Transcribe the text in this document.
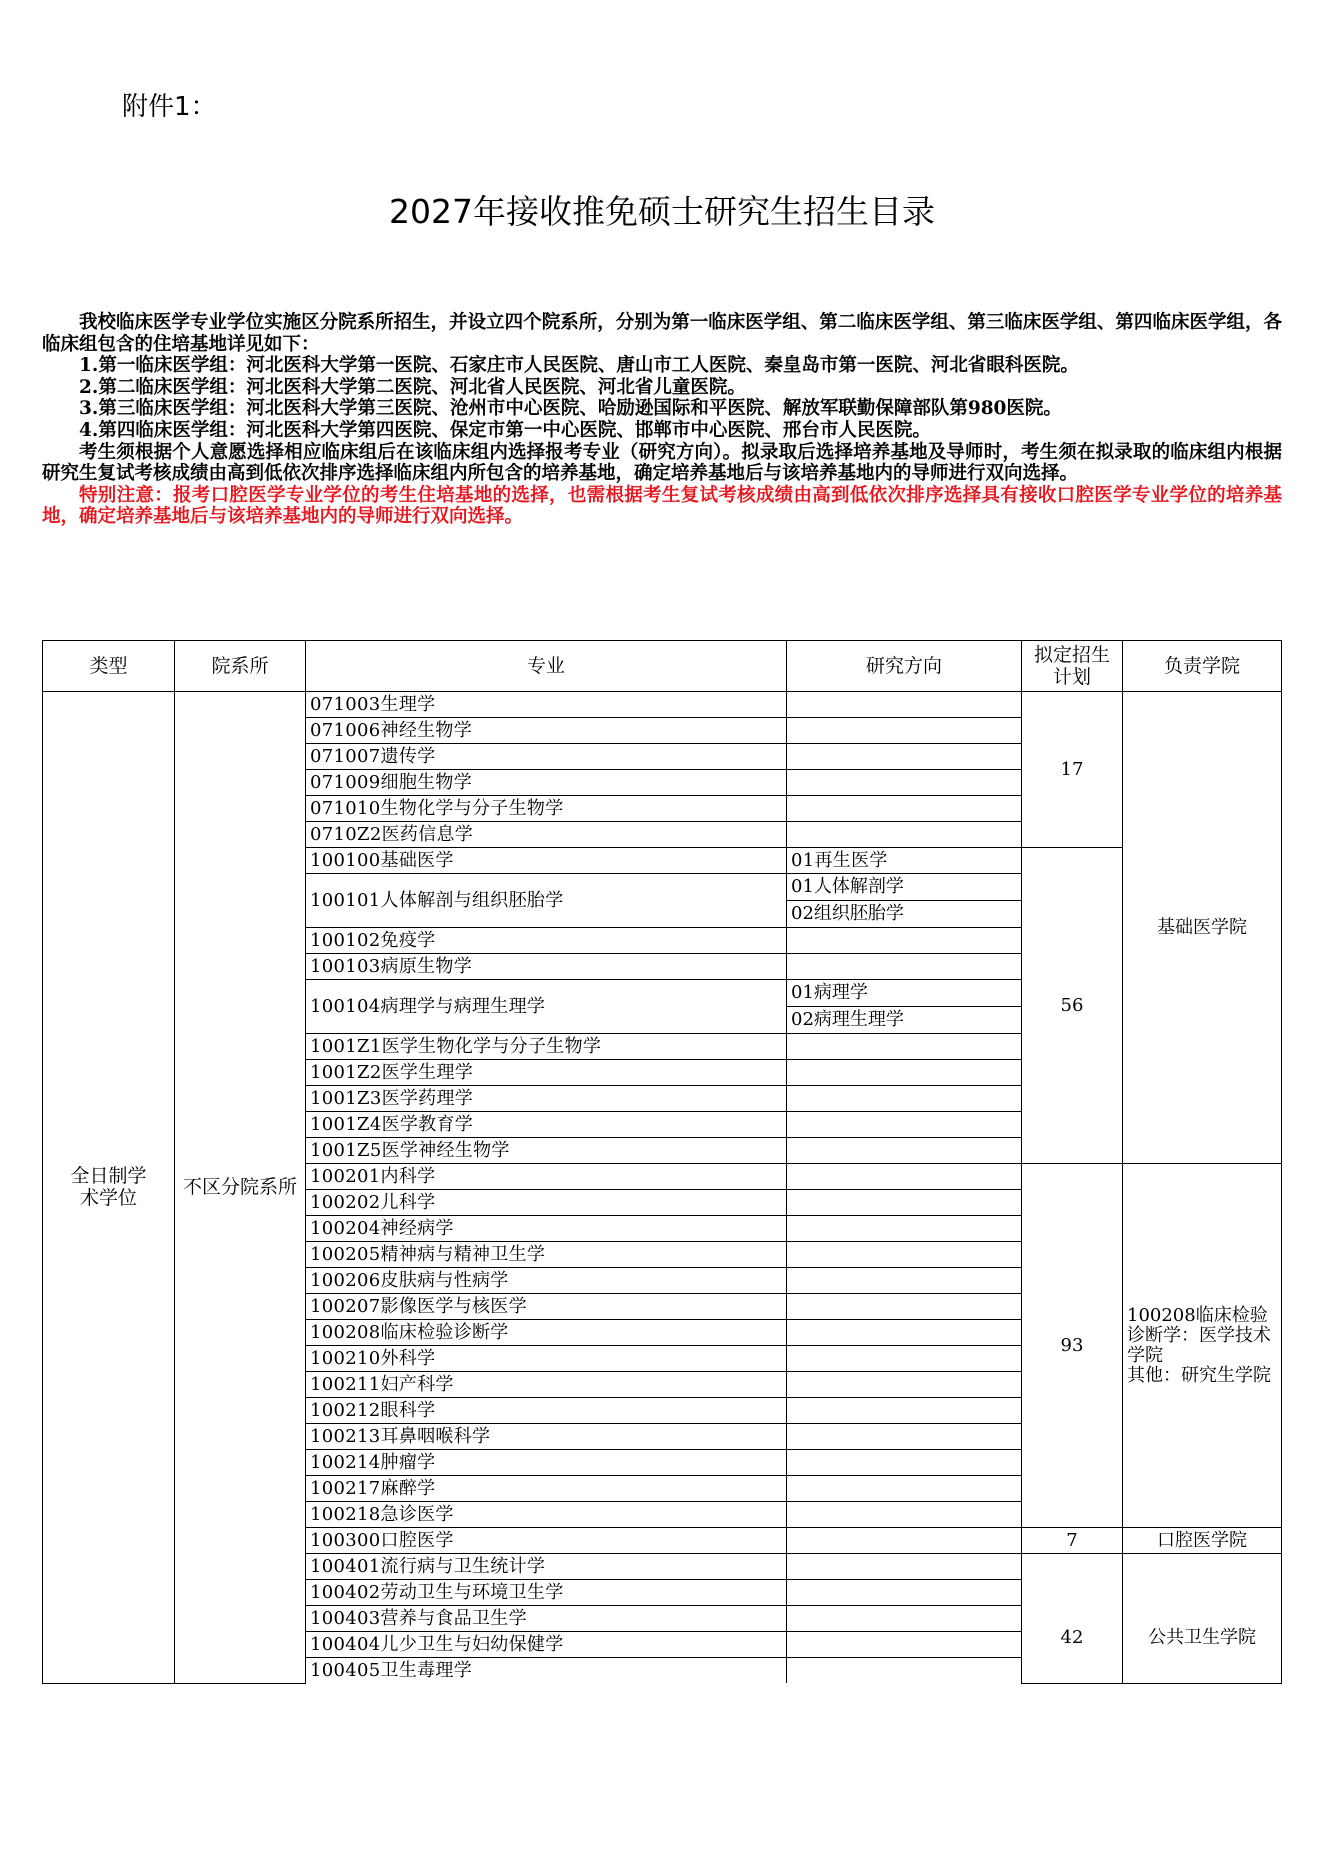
附件1：
2027年接收推免硕士研究生招生目录

我校临床医学专业学位实施区分院系所招生，并设立四个院系所，分别为第一临床医学组、第二临床医学组、第三临床医学组、第四临床医学组，各临床组包含的住培基地详见如下：

1.第一临床医学组：河北医科大学第一医院、石家庄市人民医院、唐山市工人医院、秦皇岛市第一医院、河北省眼科医院。

2.第二临床医学组：河北医科大学第二医院、河北省人民医院、河北省儿童医院。

3.第三临床医学组：河北医科大学第三医院、沧州市中心医院、哈励逊国际和平医院、解放军联勤保障部队第980医院。

4.第四临床医学组：河北医科大学第四医院、保定市第一中心医院、邯郸市中心医院、邢台市人民医院。

考生须根据个人意愿选择相应临床组后在该临床组内选择报考专业（研究方向）。拟录取后选择培养基地及导师时，考生须在拟录取的临床组内根据研究生复试考核成绩由高到低依次排序选择临床组内所包含的培养基地，确定培养基地后与该培养基地内的导师进行双向选择。

特别注意：报考口腔医学专业学位的考生住培基地的选择，也需根据考生复试考核成绩由高到低依次排序选择具有接收口腔医学专业学位的培养基地，确定培养基地后与该培养基地内的导师进行双向选择。

类型	院系所	专业	研究方向	拟定招生计划	负责学院
全日制学术学位	不区分院系所	071003生理学		17	基础医学院
		071006神经生物学			
		071007遗传学			
		071009细胞生物学			
		071010生物化学与分子生物学			
		0710Z2医药信息学			
		100100基础医学	01再生医学	56	
		100101人体解剖与组织胚胎学	01人体解剖学
02组织胚胎学		

		100102免疫学			
		100103病原生物学			
		100104病理学与病理生理学	01病理学
02病理生理学		

		1001Z1医学生物化学与分子生物学			
		1001Z2医学生理学			
		1001Z3医学药理学			
		1001Z4医学教育学			
		1001Z5医学神经生物学			
		100201内科学		93	100208临床检验诊断学：医学技术学院
其他：研究生学院
		100202儿科学			
		100204神经病学			
		100205精神病与精神卫生学			
		100206皮肤病与性病学			
		100207影像医学与核医学			
		100208临床检验诊断学			
		100210外科学			
		100211妇产科学			
		100212眼科学			
		100213耳鼻咽喉科学			
		100214肿瘤学			
		100217麻醉学			
		100218急诊医学			
		100300口腔医学		7	口腔医学院
		100401流行病与卫生统计学		42	公共卫生学院
		100402劳动卫生与环境卫生学			
		100403营养与食品卫生学			
		100404儿少卫生与妇幼保健学			
		100405卫生毒理学			
